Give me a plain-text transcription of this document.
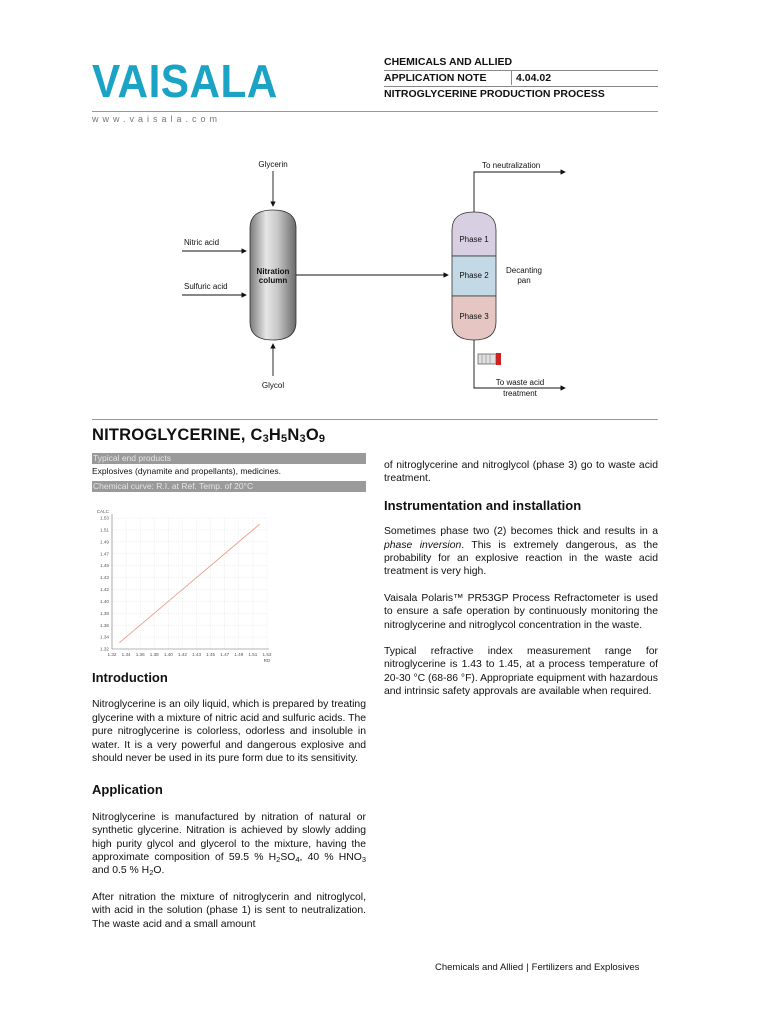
VAISALA
www.vaisala.com
CHEMICALS AND ALLIED
APPLICATION NOTE	4.04.02
NITROGLYCERINE PRODUCTION PROCESS
Nitration
column
Glycerin
Nitric acid
Sulfuric acid
Glycol
Phase 1
Phase 2
Phase 3
Decanting
pan
To neutralization
To waste acid
treatment
NITROGLYCERINE, $C_3H_5N_3O_9$
Typical end products
Explosives (dynamite and propellants), medicines.
Chemical curve: R.I. at Ref. Temp. of 20°C
1.32
1.32
1.34
1.34
1.36
1.36
1.38
1.38
1.40
1.40
1.42
1.42
1.43
1.43
1.45
1.45
1.47
1.47
1.49
1.49
1.51
1.51
1.53
1.53
CALC
RD
Introduction

Nitroglycerine is an oily liquid, which is prepared by treating glycerine with a mixture of nitric acid and sulfuric acids. The pure nitroglycerine is colorless, odorless and insoluble in water. It is a very powerful and dangerous explosive and should never be used in its pure form due to its sensitivity.

Application

Nitroglycerine is manufactured by nitration of natural or synthetic glycerine. Nitration is achieved by slowly adding high purity glycol and glycerol to the mixture, having the approximate composition of 59.5 % $H_2SO_4$, 40 % $HNO_3$ and 0.5 % $H_2O$.

After nitration the mixture of nitroglycerin and nitroglycol, with acid in the solution (phase 1) is sent to neutralization. The waste acid and a small amount

of nitroglycerine and nitroglycol (phase 3) go to waste acid treatment.

Instrumentation and installation

Sometimes phase two (2) becomes thick and results in a phase inversion. This is extremely dangerous, as the probability for an explosive reaction in the waste acid treatment is very high.

Vaisala Polaris™ PR53GP Process Refractometer is used to ensure a safe operation by continuously monitoring the nitroglycerine and nitroglycol concentration in the waste.

Typical refractive index measurement range for nitroglycerine is 1.43 to 1.45, at a process temperature of 20-30 °C (68-86 °F). Appropriate equipment with hazardous and intrinsic safety approvals are available when required.

Chemicals and Allied | Fertilizers and Explosives
